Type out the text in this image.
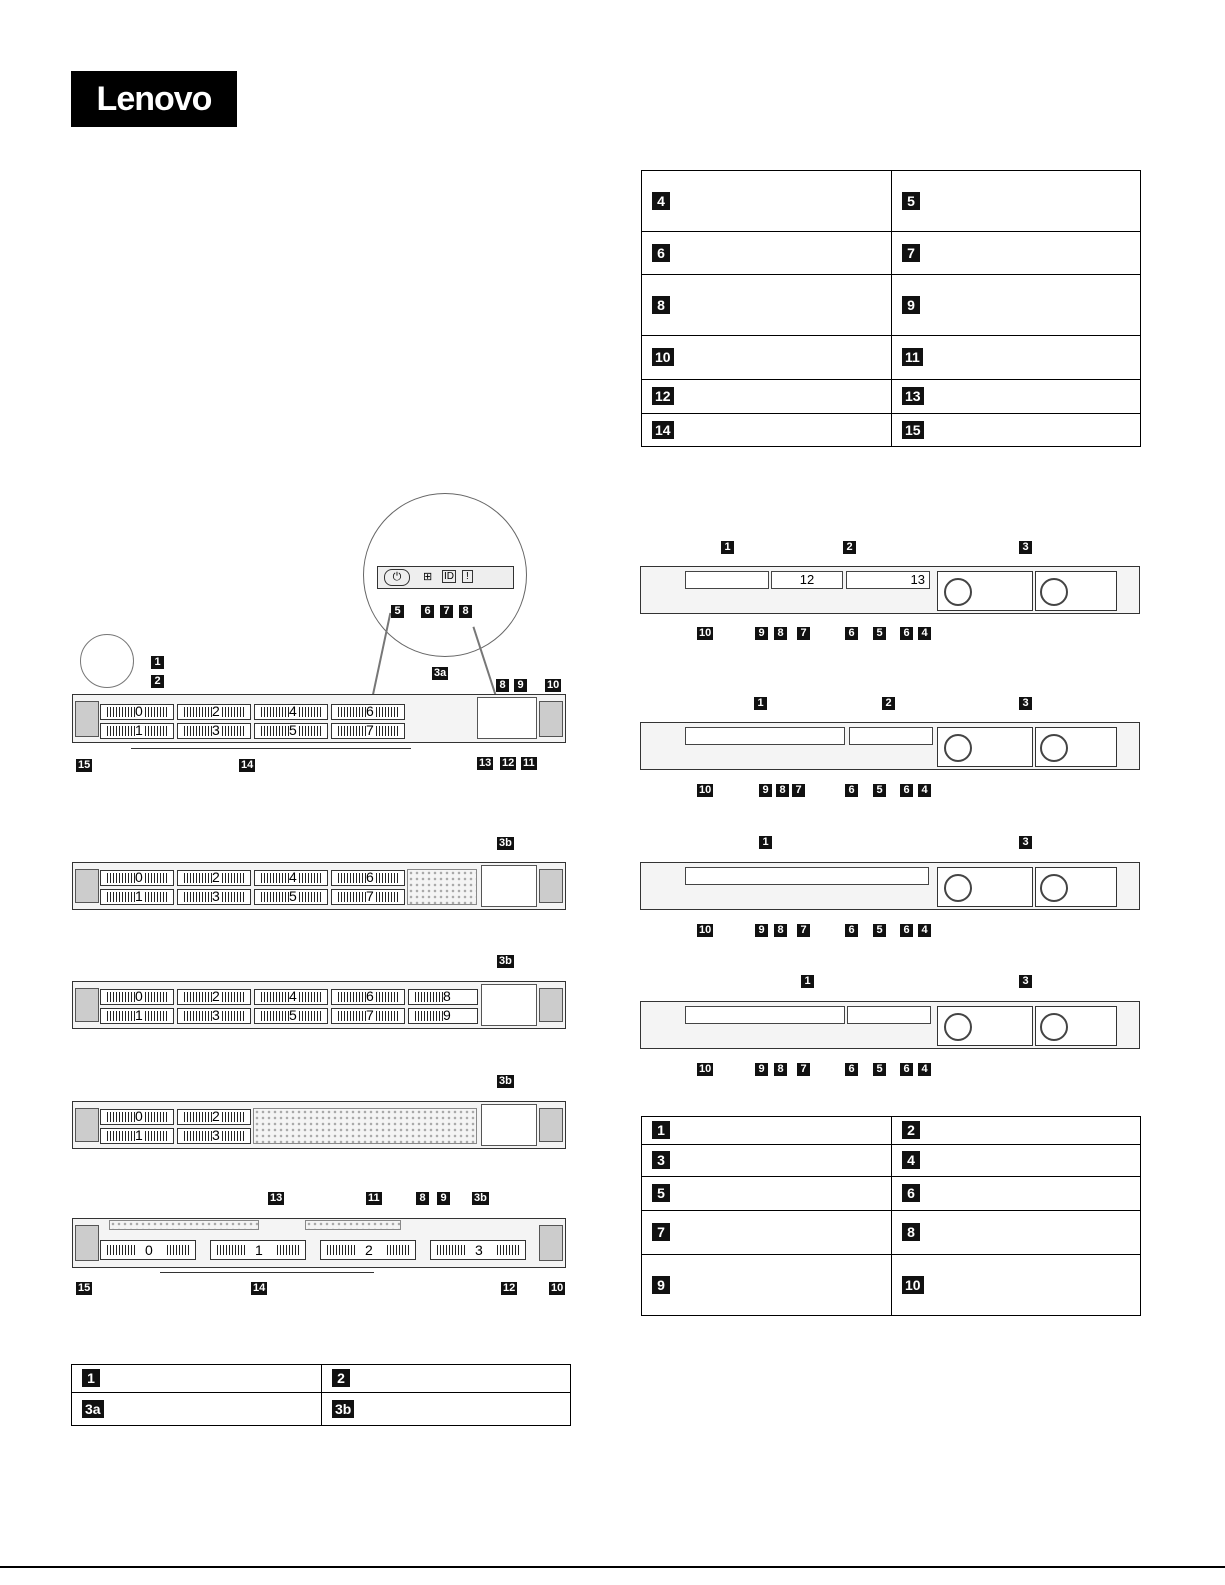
Lenovo
4	5
6	7
8	9
10	11
12	13
14	15
1	2
3a	3b
1	2
3	4
5	6
7	8
9	10
⏻	⊞ ID	!
5	6	7	8
1
2
3a
8	9	10
0	2	4	6
1	3	5	7
15	14	13 12 11
3b
0	2	4	6
1	3	5	7
3b
0	2	4	6	8
1	3	5	7	9
3b
0	2
1	3
13	11	8	9	3b
0	1	2	3
15	14	12	10
1	2	3
12	13
10	9	8	7	6	5	6	4
1	2	3
10	9 8 7	6	5	6	4
1	3
10	9	8	7	6	5	6	4
1	3
10	9	8	7	6	5	6	4
